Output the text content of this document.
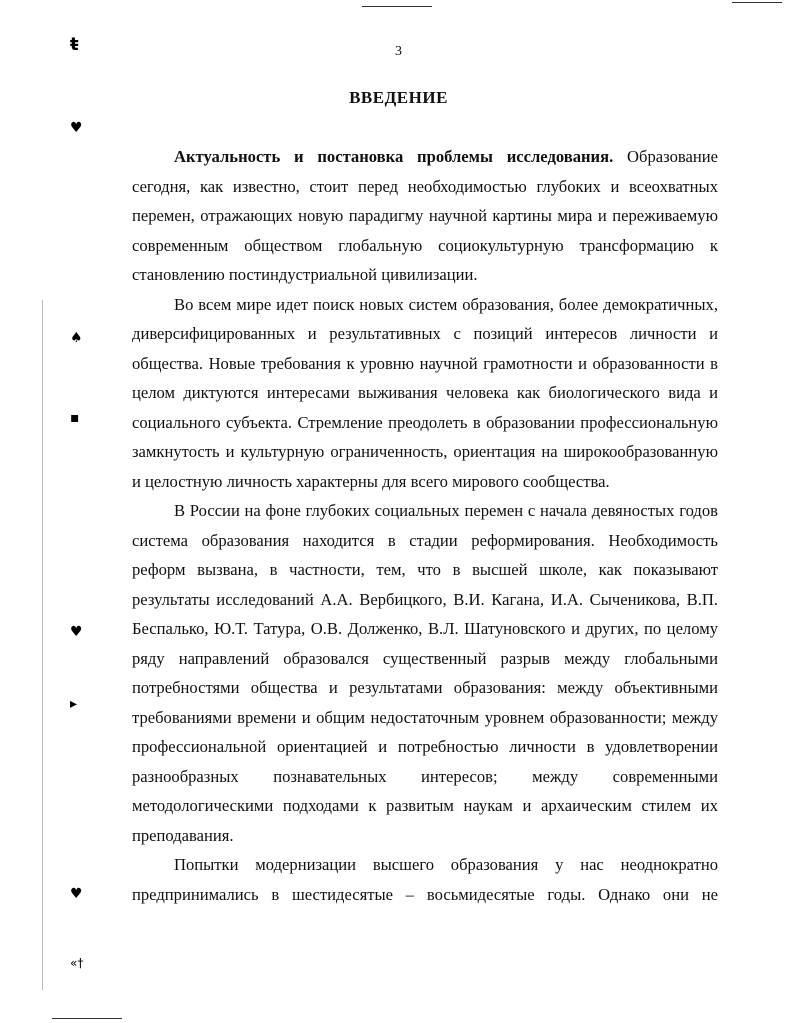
ŧ
♥
♠
▪
♥
▸
♥
«†
3
ВВЕДЕНИЕ

Актуальность и постановка проблемы исследования. Образование сегодня, как известно, стоит перед необходимостью глубоких и всеохватных перемен, отражающих новую парадигму научной картины мира и переживаемую современным обществом глобальную социокультурную трансформацию к становлению постиндустриальной цивилизации.

Во всем мире идет поиск новых систем образования, более демократичных, диверсифицированных и результативных с позиций интересов личности и общества. Новые требования к уровню научной грамотности и образованности в целом диктуются интересами выживания человека как биологического вида и социального субъекта. Стремление преодолеть в образовании профессиональную замкнутость и культурную ограниченность, ориентация на широкообразованную и целостную личность характерны для всего мирового сообщества.

В России на фоне глубоких социальных перемен с начала девяностых годов система образования находится в стадии реформирования. Необходимость реформ вызвана, в частности, тем, что в высшей школе, как показывают результаты исследований А.А. Вербицкого, В.И. Кагана, И.А. Сыченикова, В.П. Беспалько, Ю.Т. Татура, О.В. Долженко, В.Л. Шатуновского и других, по целому ряду направлений образовался существенный разрыв между глобальными потребностями общества и результатами образования: между объективными требованиями времени и общим недостаточным уровнем образованности; между профессиональной ориентацией и потребностью личности в удовлетворении разнообразных познавательных интересов; между современными методологическими подходами к развитым наукам и архаическим стилем их преподавания.

Попытки модернизации высшего образования у нас неоднократно предпринимались в шестидесятые – восьмидесятые годы. Однако они не
